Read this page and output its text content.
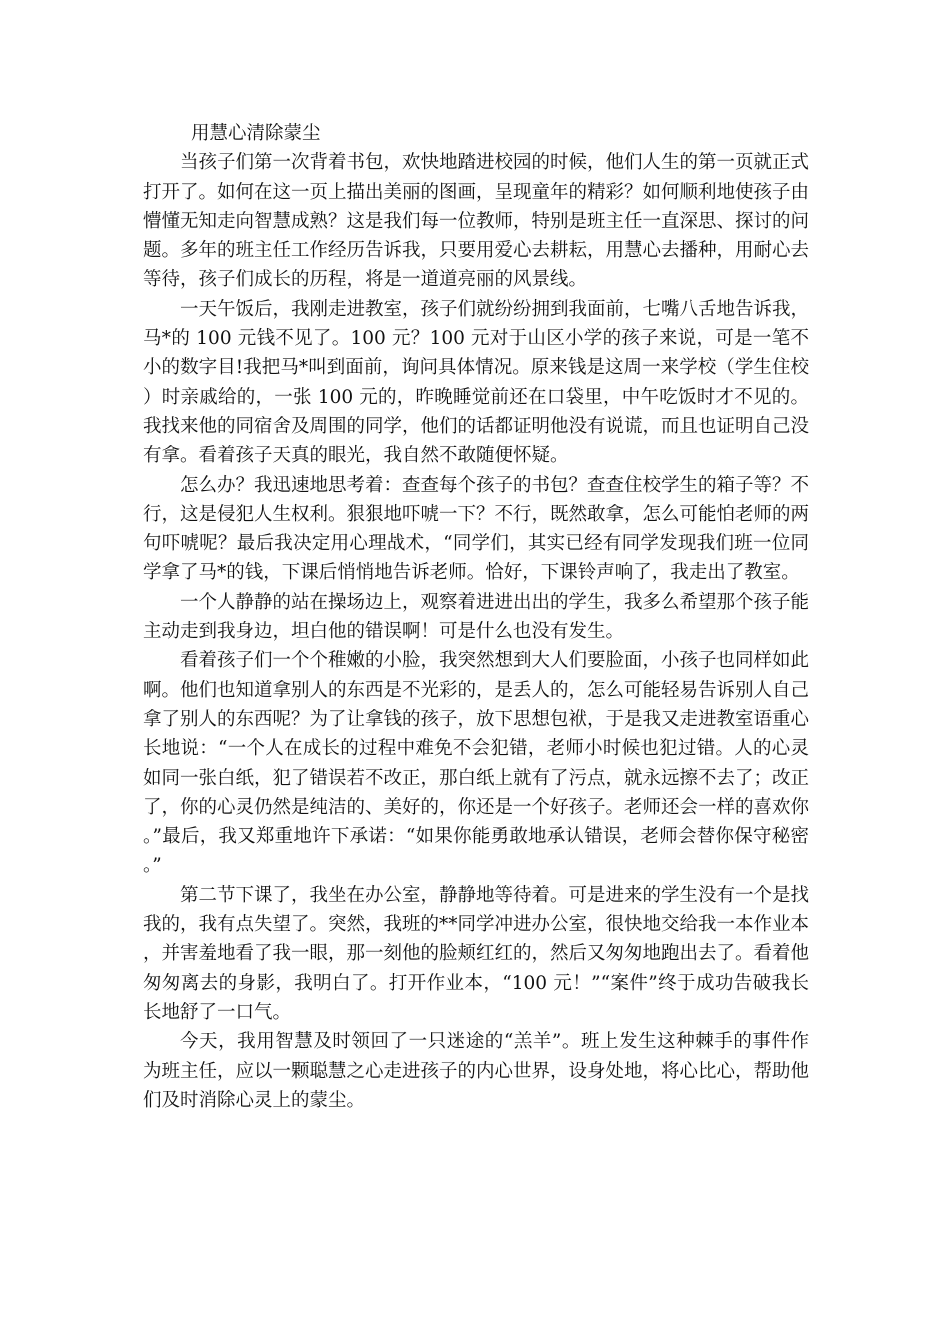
用慧心清除蒙尘

当孩子们第一次背着书包，欢快地踏进校园的时候，他们人生的第一页就正式打开了。如何在这一页上描出美丽的图画，呈现童年的精彩？如何顺利地使孩子由懵懂无知走向智慧成熟？这是我们每一位教师，特别是班主任一直深思、探讨的问题。多年的班主任工作经历告诉我，只要用爱心去耕耘，用慧心去播种，用耐心去等待，孩子们成长的历程，将是一道道亮丽的风景线。

一天午饭后，我刚走进教室，孩子们就纷纷拥到我面前，七嘴八舌地告诉我，马*的 100 元钱不见了。100 元？100 元对于山区小学的孩子来说，可是一笔不小的数字目!我把马*叫到面前，询问具体情况。原来钱是这周一来学校（学生住校）时亲戚给的，一张 100 元的，昨晚睡觉前还在口袋里，中午吃饭时才不见的。我找来他的同宿舍及周围的同学，他们的话都证明他没有说谎，而且也证明自己没有拿。看着孩子天真的眼光，我自然不敢随便怀疑。

怎么办？我迅速地思考着：查查每个孩子的书包？查查住校学生的箱子等？不行，这是侵犯人生权利。狠狠地吓唬一下？不行，既然敢拿，怎么可能怕老师的两句吓唬呢？最后我决定用心理战术，“同学们，其实已经有同学发现我们班一位同学拿了马*的钱，下课后悄悄地告诉老师。恰好，下课铃声响了，我走出了教室。

一个人静静的站在操场边上，观察着进进出出的学生，我多么希望那个孩子能主动走到我身边，坦白他的错误啊！可是什么也没有发生。

看着孩子们一个个稚嫩的小脸，我突然想到大人们要脸面，小孩子也同样如此啊。他们也知道拿别人的东西是不光彩的，是丢人的，怎么可能轻易告诉别人自己拿了别人的东西呢？为了让拿钱的孩子，放下思想包袱，于是我又走进教室语重心长地说：“一个人在成长的过程中难免不会犯错，老师小时候也犯过错。人的心灵如同一张白纸，犯了错误若不改正，那白纸上就有了污点，就永远擦不去了；改正了，你的心灵仍然是纯洁的、美好的，你还是一个好孩子。老师还会一样的喜欢你。”最后，我又郑重地许下承诺：“如果你能勇敢地承认错误，老师会替你保守秘密。”

第二节下课了，我坐在办公室，静静地等待着。可是进来的学生没有一个是找我的，我有点失望了。突然，我班的**同学冲进办公室，很快地交给我一本作业本，并害羞地看了我一眼，那一刻他的脸颊红红的，然后又匆匆地跑出去了。看着他匆匆离去的身影，我明白了。打开作业本，“100 元！”“案件”终于成功告破我长长地舒了一口气。

今天，我用智慧及时领回了一只迷途的“羔羊”。班上发生这种棘手的事件作为班主任，应以一颗聪慧之心走进孩子的内心世界，设身处地，将心比心，帮助他们及时消除心灵上的蒙尘。
